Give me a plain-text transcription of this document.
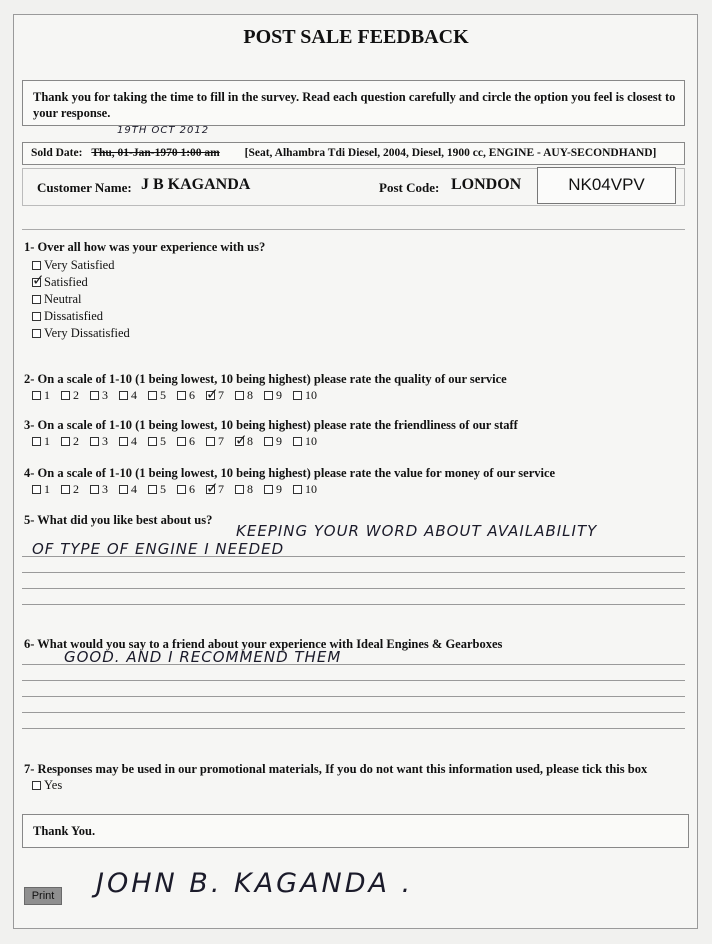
POST SALE FEEDBACK
Thank you for taking the time to fill in the survey. Read each question carefully and circle the option you feel is closest to your response.
19TH OCT 2012
Sold Date: Thu, 01-Jan-1970 1:00 am [Seat, Alhambra Tdi Diesel, 2004, Diesel, 1900 cc, ENGINE - AUY-SECONDHAND]
Customer Name: J B KAGANDA	Post Code: LONDON	NK04VPV
1- Over all how was your experience with us?
Very Satisfied
✓
Satisfied
Neutral
Dissatisfied
Very Dissatisfied
2- On a scale of 1-10 (1 being lowest, 10 being highest) please rate the quality of our service
1 2 3 4 5 6 ✓ 7 8 9 10
3- On a scale of 1-10 (1 being lowest, 10 being highest) please rate the friendliness of our staff
1 2 3 4 5 6 7 ✓ 8 9 10
4- On a scale of 1-10 (1 being lowest, 10 being highest) please rate the value for money of our service
1 2 3 4 5 6 ✓ 7 8 9 10
5- What did you like best about us?
KEEPING YOUR WORD ABOUT AVAILABILITY
OF TYPE OF ENGINE I NEEDED
6- What would you say to a friend about your experience with Ideal Engines & Gearboxes
GOOD. AND I RECOMMEND THEM
7- Responses may be used in our promotional materials, If you do not want this information used, please tick this box
Yes
Thank You.
Print JOHN B. KAGANDA .
